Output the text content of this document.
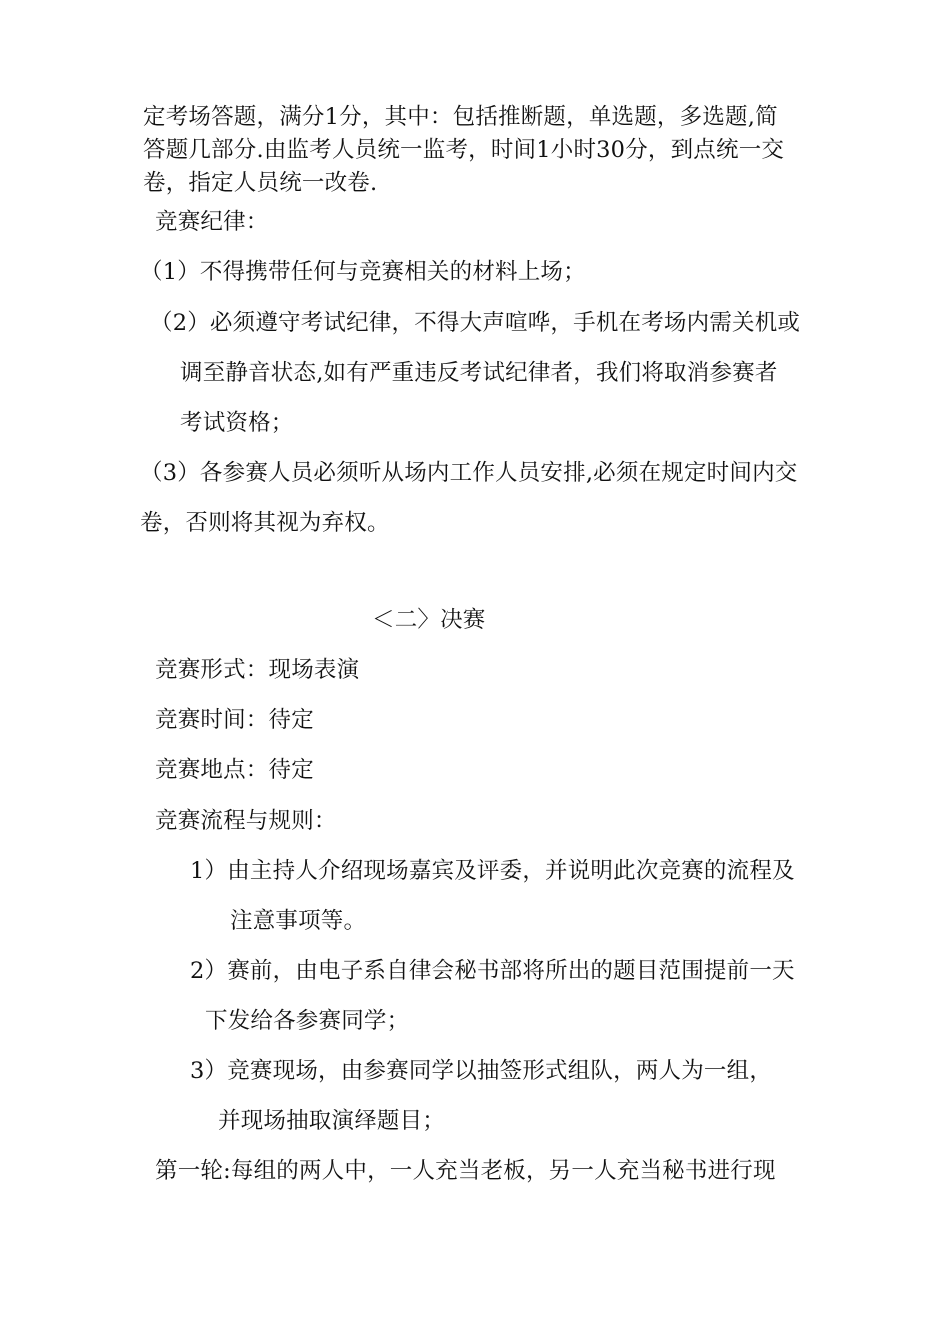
定考场答题，满分1分，其中：包括推断题，单选题，多选题,简
答题几部分.由监考人员统一监考，时间1小时30分，到点统一交
卷，指定人员统一改卷.
竞赛纪律：
（1）不得携带任何与竞赛相关的材料上场；
（2）必须遵守考试纪律，不得大声喧哗，手机在考场内需关机或
调至静音状态,如有严重违反考试纪律者，我们将取消参赛者
考试资格；
（3）各参赛人员必须听从场内工作人员安排,必须在规定时间内交
卷，否则将其视为弃权。
＜二〉决赛
竞赛形式：现场表演
竞赛时间：待定
竞赛地点：待定
竞赛流程与规则：
1）由主持人介绍现场嘉宾及评委，并说明此次竞赛的流程及
注意事项等。
2）赛前，由电子系自律会秘书部将所出的题目范围提前一天
下发给各参赛同学；
3）竞赛现场，由参赛同学以抽签形式组队，两人为一组，
并现场抽取演绎题目；
第一轮:每组的两人中，一人充当老板，另一人充当秘书进行现
